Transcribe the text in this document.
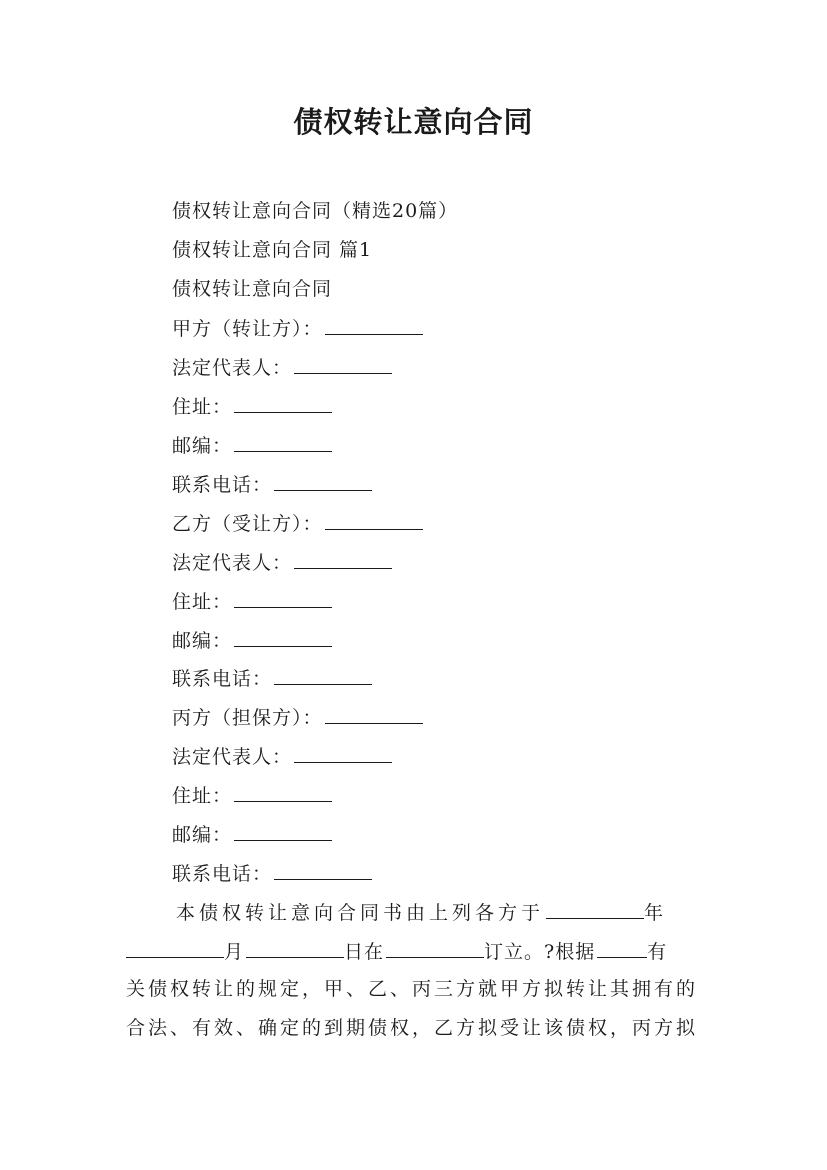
债权转让意向合同
债权转让意向合同（精选20篇）
债权转让意向合同 篇1
债权转让意向合同
甲方（转让方）：
法定代表人：
住址：
邮编：
联系电话：
乙方（受让方）：
法定代表人：
住址：
邮编：
联系电话：
丙方（担保方）：
法定代表人：
住址：
邮编：
联系电话：
本债权转让意向合同书由上列各方于	年
月	日在	订立。?根据	有
关债权转让的规定，甲、乙、丙三方就甲方拟转让其拥有的
合法、有效、确定的到期债权，乙方拟受让该债权，丙方拟
